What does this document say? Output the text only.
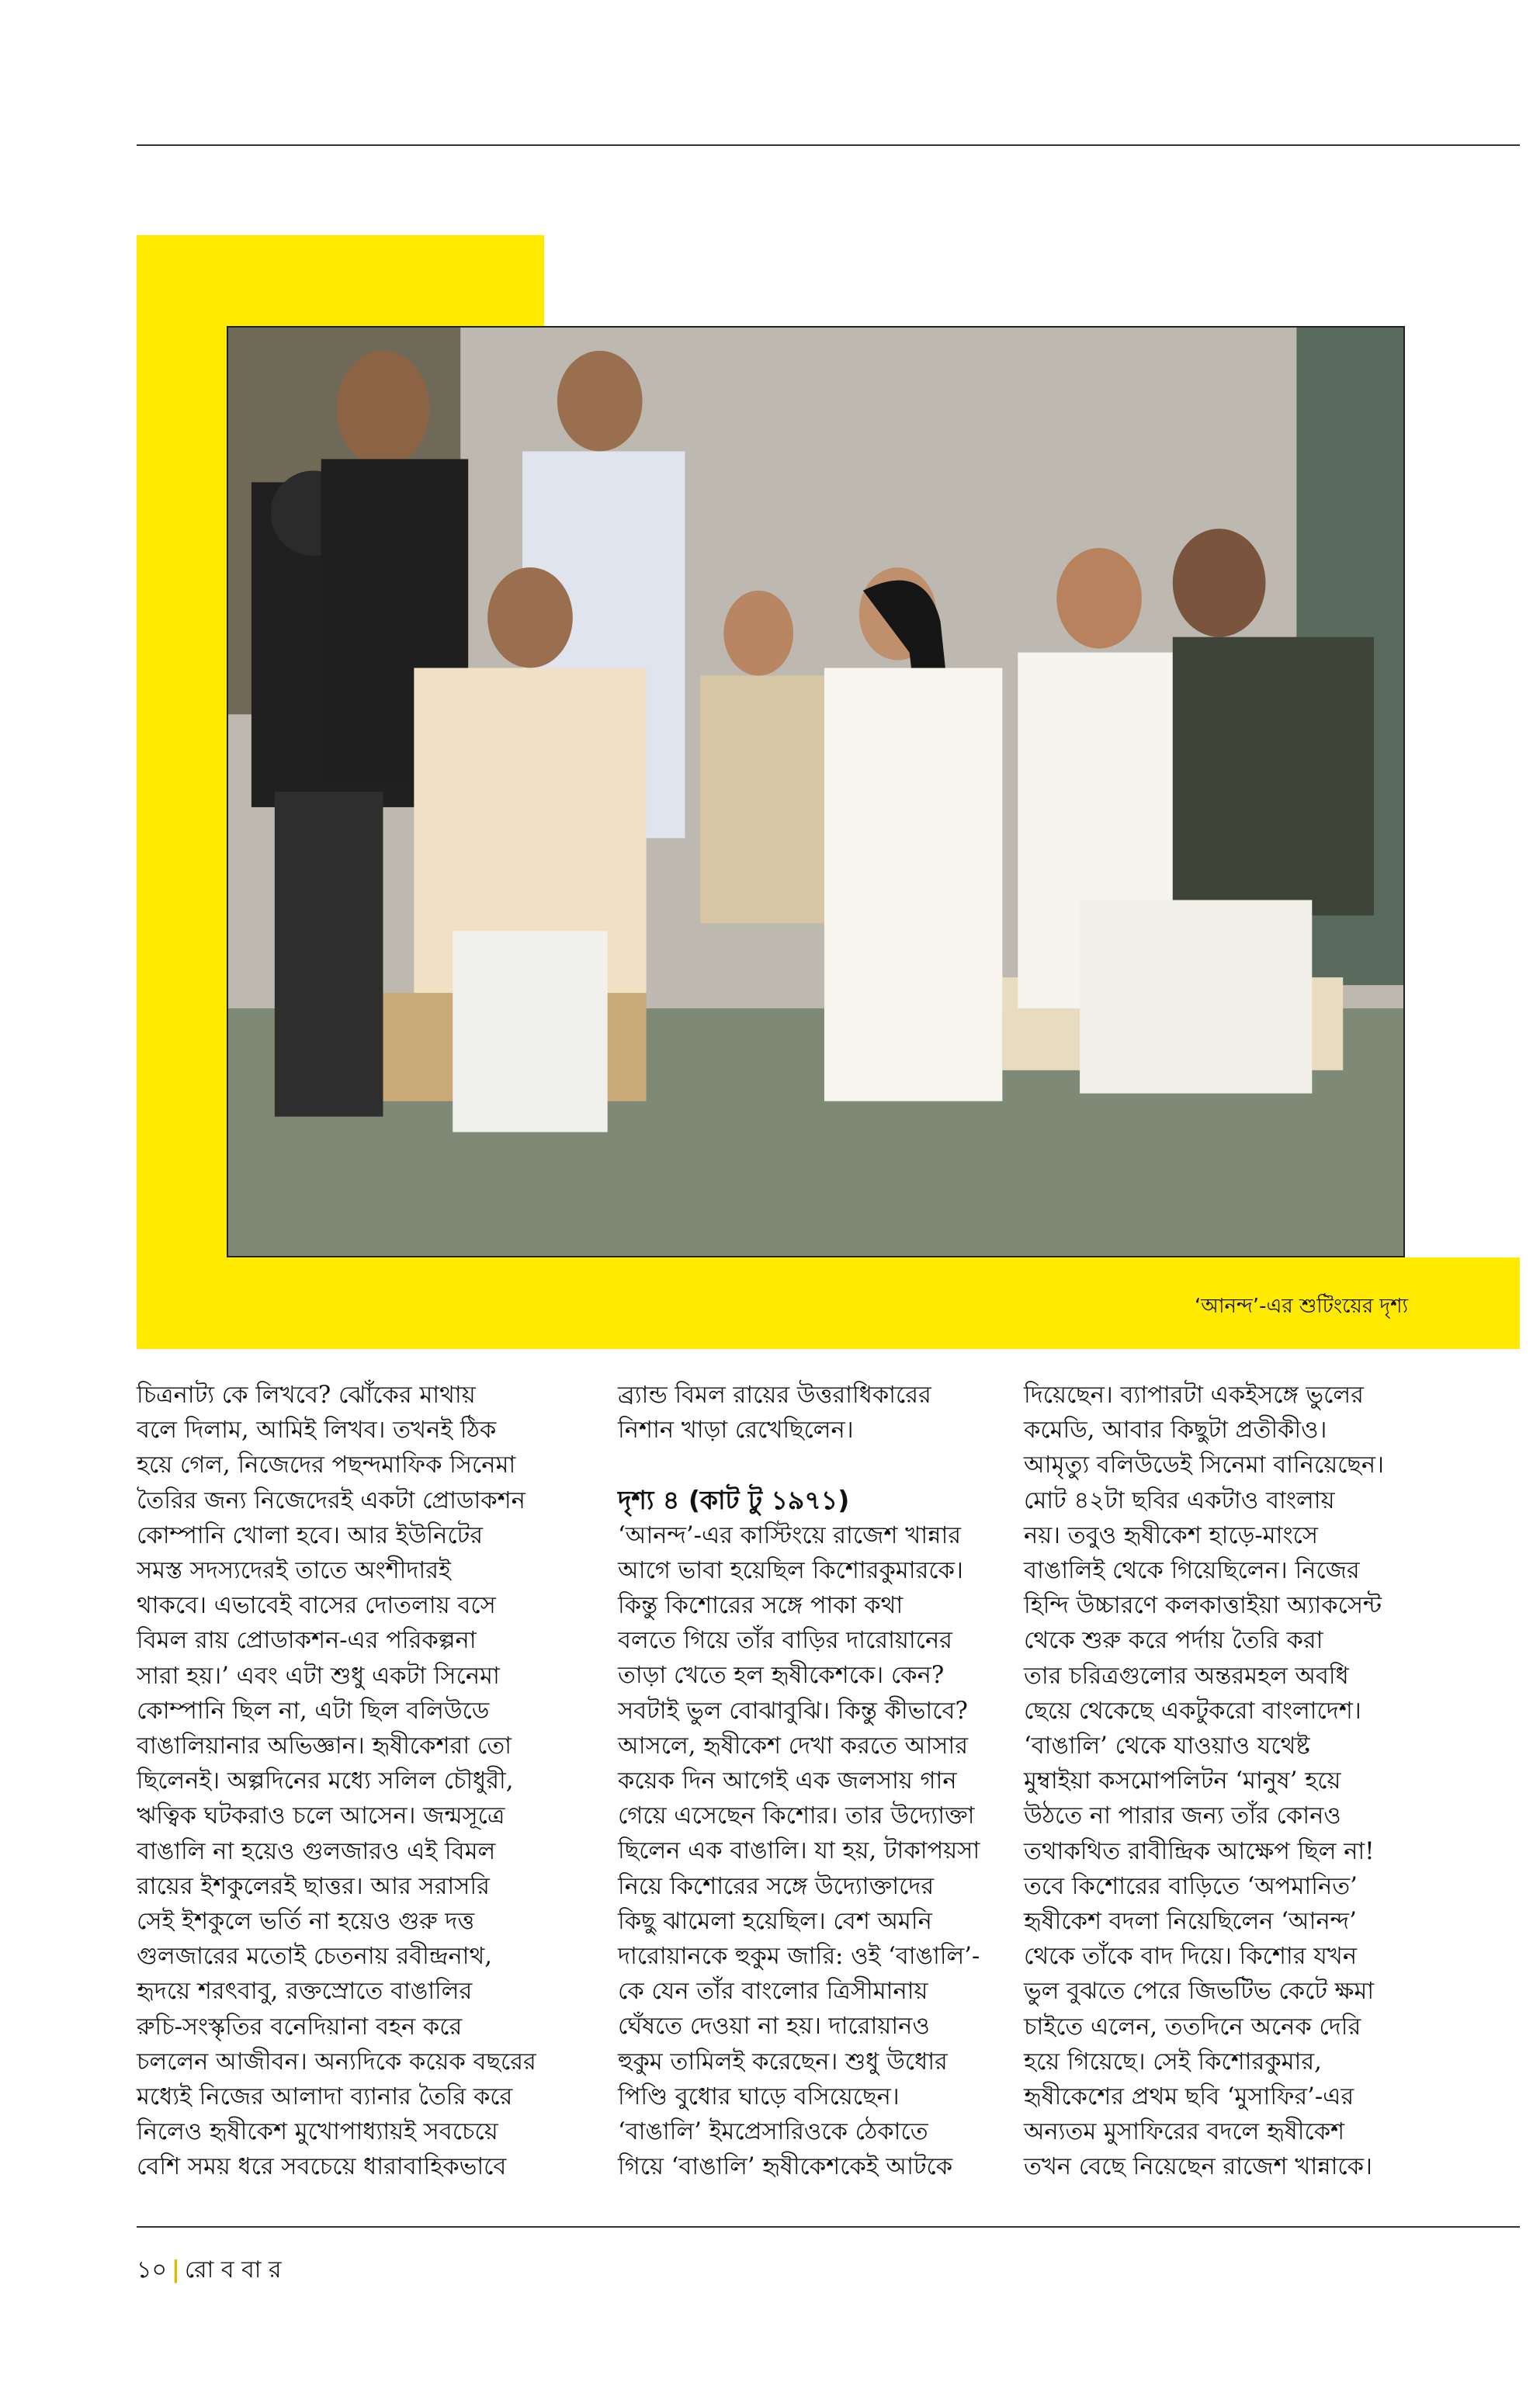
‘আনন্দ’-এর শুটিংয়ের দৃশ্য

চিত্রনাট্য কে লিখবে? ঝোঁকের মাথায়

বলে দিলাম, আমিই লিখব। তখনই ঠিক

হয়ে গেল, নিজেদের পছন্দমাফিক সিনেমা

তৈরির জন্য নিজেদেরই একটা প্রোডাকশন

কোম্পানি খোলা হবে। আর ইউনিটের

সমস্ত সদস্যদেরই তাতে অংশীদারই

থাকবে। এভাবেই বাসের দোতলায় বসে

বিমল রায় প্রোডাকশন-এর পরিকল্পনা

সারা হয়।’ এবং এটা শুধু একটা সিনেমা

কোম্পানি ছিল না, এটা ছিল বলিউডে

বাঙালিয়ানার অভিজ্ঞান। হৃষীকেশরা তো

ছিলেনই। অল্পদিনের মধ্যে সলিল চৌধুরী,

ঋত্বিক ঘটকরাও চলে আসেন। জন্মসূত্রে

বাঙালি না হয়েও গুলজারও এই বিমল

রায়ের ইশকুলেরই ছাত্তর। আর সরাসরি

সেই ইশকুলে ভর্তি না হয়েও গুরু দত্ত

গুলজারের মতোই চেতনায় রবীন্দ্রনাথ,

হৃদয়ে শরৎবাবু, রক্তস্রোতে বাঙালির

রুচি-সংস্কৃতির বনেদিয়ানা বহন করে

চললেন আজীবন। অন্যদিকে কয়েক বছরের

মধ্যেই নিজের আলাদা ব্যানার তৈরি করে

নিলেও হৃষীকেশ মুখোপাধ্যায়ই সবচেয়ে

বেশি সময় ধরে সবচেয়ে ধারাবাহিকভাবে

ব্র্যান্ড বিমল রায়ের উত্তরাধিকারের

নিশান খাড়া রেখেছিলেন।

দৃশ্য ৪ (কাট টু ১৯৭১)

‘আনন্দ’-এর কাস্টিংয়ে রাজেশ খান্নার

আগে ভাবা হয়েছিল কিশোরকুমারকে।

কিন্তু কিশোরের সঙ্গে পাকা কথা

বলতে গিয়ে তাঁর বাড়ির দারোয়ানের

তাড়া খেতে হল হৃষীকেশকে। কেন?

সবটাই ভুল বোঝাবুঝি। কিন্তু কীভাবে?

আসলে, হৃষীকেশ দেখা করতে আসার

কয়েক দিন আগেই এক জলসায় গান

গেয়ে এসেছেন কিশোর। তার উদ্যোক্তা

ছিলেন এক বাঙালি। যা হয়, টাকাপয়সা

নিয়ে কিশোরের সঙ্গে উদ্যোক্তাদের

কিছু ঝামেলা হয়েছিল। বেশ অমনি

দারোয়ানকে হুকুম জারি: ওই ‘বাঙালি’-

কে যেন তাঁর বাংলোর ত্রিসীমানায়

ঘেঁষতে দেওয়া না হয়। দারোয়ানও

হুকুম তামিলই করেছেন। শুধু উধোর

পিণ্ডি বুধোর ঘাড়ে বসিয়েছেন।

‘বাঙালি’ ইমপ্রেসারিওকে ঠেকাতে

গিয়ে ‘বাঙালি’ হৃষীকেশকেই আটকে

দিয়েছেন। ব্যাপারটা একইসঙ্গে ভুলের

কমেডি, আবার কিছুটা প্রতীকীও।

আমৃত্যু বলিউডেই সিনেমা বানিয়েছেন।

মোট ৪২টা ছবির একটাও বাংলায়

নয়। তবুও হৃষীকেশ হাড়ে-মাংসে

বাঙালিই থেকে গিয়েছিলেন। নিজের

হিন্দি উচ্চারণে কলকাত্তাইয়া অ্যাকসেন্ট

থেকে শুরু করে পর্দায় তৈরি করা

তার চরিত্রগুলোর অন্তরমহল অবধি

ছেয়ে থেকেছে একটুকরো বাংলাদেশ।

‘বাঙালি’ থেকে যাওয়াও যথেষ্ট

মুম্বাইয়া কসমোপলিটন ‘মানুষ’ হয়ে

উঠতে না পারার জন্য তাঁর কোনও

তথাকথিত রাবীন্দ্রিক আক্ষেপ ছিল না!

তবে কিশোরের বাড়িতে ‘অপমানিত’

হৃষীকেশ বদলা নিয়েছিলেন ‘আনন্দ’

থেকে তাঁকে বাদ দিয়ে। কিশোর যখন

ভুল বুঝতে পেরে জিভটিভ কেটে ক্ষমা

চাইতে এলেন, ততদিনে অনেক দেরি

হয়ে গিয়েছে। সেই কিশোরকুমার,

হৃষীকেশের প্রথম ছবি ‘মুসাফির’-এর

অন্যতম মুসাফিরের বদলে হৃষীকেশ

তখন বেছে নিয়েছেন রাজেশ খান্নাকে।

১০ | রো ব বা র
